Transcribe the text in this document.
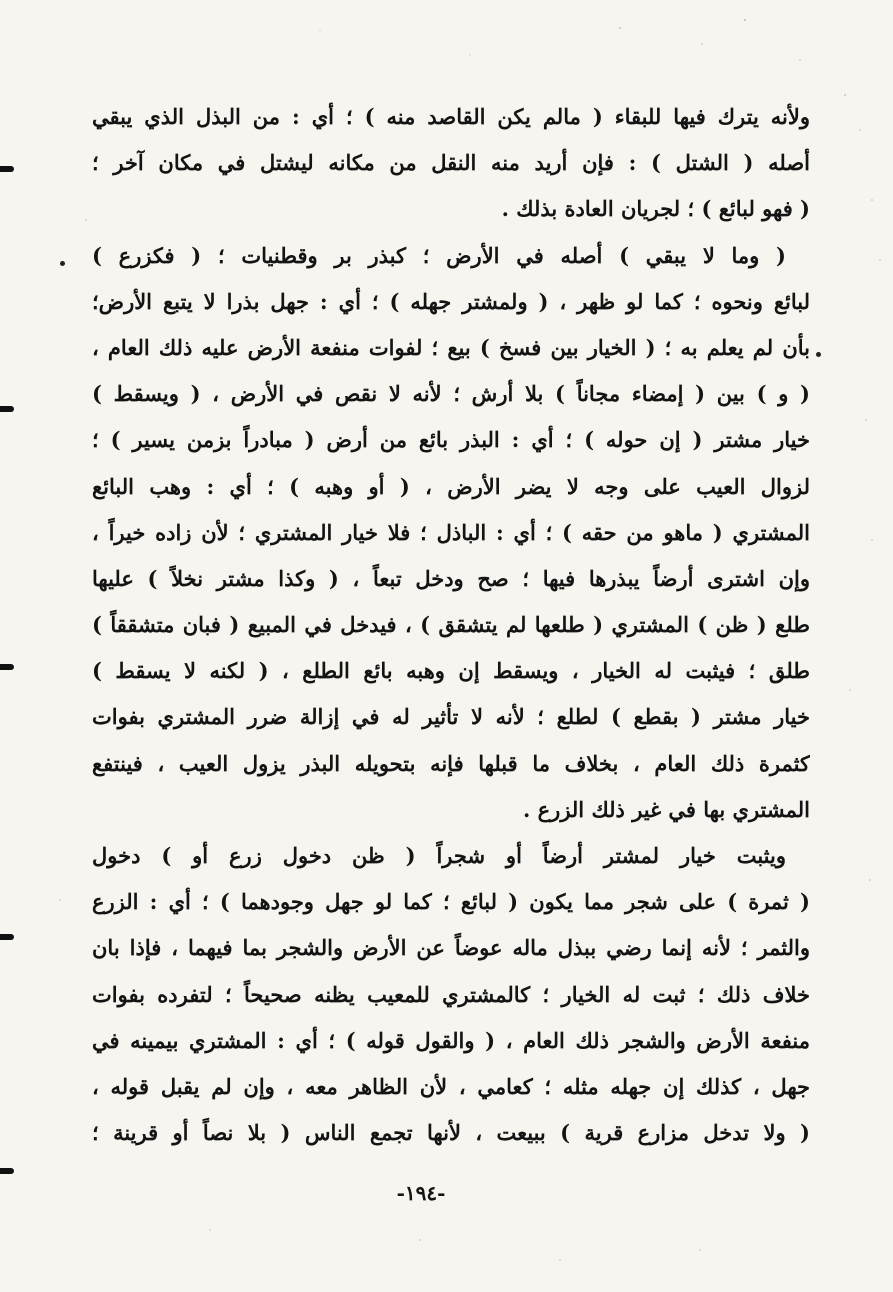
ولأنه يترك فيها للبقاء ( مالم يكن القاصد منه ) ؛ أي : من البذل الذي يبقي
أصله ( الشتل ) : فإن أريد منه النقل من مكانه ليشتل في مكان آخر ؛
( فهو لبائع ) ؛ لجريان العادة بذلك .
( وما لا يبقي ) أصله في الأرض ؛ كبذر بر وقطنيات ؛ ( فكزرع )
لبائع ونحوه ؛ كما لو ظهر ، ( ولمشتر جهله ) ؛ أي : جهل بذرا لا يتبع الأرض؛
بأن لم يعلم به ؛ ( الخيار بين فسخ ) بيع ؛ لفوات منفعة الأرض عليه ذلك العام ،
( و ) بين ( إمضاء مجاناً ) بلا أرش ؛ لأنه لا نقص في الأرض ، ( ويسقط )
خيار مشتر ( إن حوله ) ؛ أي : البذر بائع من أرض ( مبادراً بزمن يسير ) ؛
لزوال العيب على وجه لا يضر الأرض ، ( أو وهبه ) ؛ أي : وهب البائع
المشتري ( ماهو من حقه ) ؛ أي : الباذل ؛ فلا خيار المشتري ؛ لأن زاده خيراً ،
وإن اشترى أرضاً يبذرها فيها ؛ صح ودخل تبعاً ، ( وكذا مشتر نخلاً ) عليها
طلع ( ظن ) المشتري ( طلعها لم يتشقق ) ، فيدخل في المبيع ( فبان متشققاً )
طلق ؛ فيثبت له الخيار ، ويسقط إن وهبه بائع الطلع ، ( لكنه لا يسقط )
خيار مشتر ( بقطع ) لطلع ؛ لأنه لا تأثير له في إزالة ضرر المشتري بفوات
كثمرة ذلك العام ، بخلاف ما قبلها فإنه بتحويله البذر يزول العيب ، فينتفع
المشتري بها في غير ذلك الزرع .
ويثبت خيار لمشتر أرضاً أو شجراً ( ظن دخول زرع أو ) دخول
( ثمرة ) على شجر مما يكون ( لبائع ؛ كما لو جهل وجودهما ) ؛ أي : الزرع
والثمر ؛ لأنه إنما رضي ببذل ماله عوضاً عن الأرض والشجر بما فيهما ، فإذا بان
خلاف ذلك ؛ ثبت له الخيار ؛ كالمشتري للمعيب يظنه صحيحاً ؛ لتفرده بفوات
منفعة الأرض والشجر ذلك العام ، ( والقول قوله ) ؛ أي : المشتري بيمينه في
جهل ، كذلك إن جهله مثله ؛ كعامي ، لأن الظاهر معه ، وإن لم يقبل قوله ،
( ولا تدخل مزارع قرية ) ببيعت ، لأنها تجمع الناس ( بلا نصاً أو قرينة ؛
-١٩٤-
